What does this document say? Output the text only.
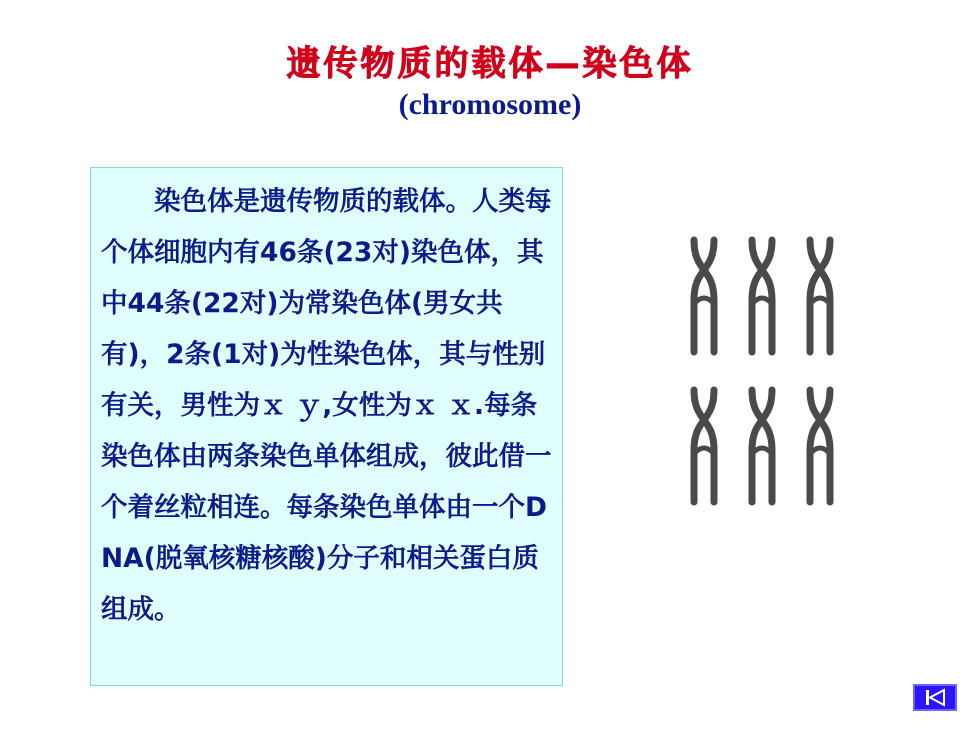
遗传物质的载体—染色体
(chromosome)

染色体是遗传物质的载体。人类每个体细胞内有46条(23对)染色体，其中44条(22对)为常染色体(男女共有)，2条(1对)为性染色体，其与性别有关，男性为ｘ ｙ,女性为ｘ ｘ.每条染色体由两条染色单体组成，彼此借一个着丝粒相连。每条染色单体由一个DNA(脱氧核糖核酸)分子和相关蛋白质组成。
